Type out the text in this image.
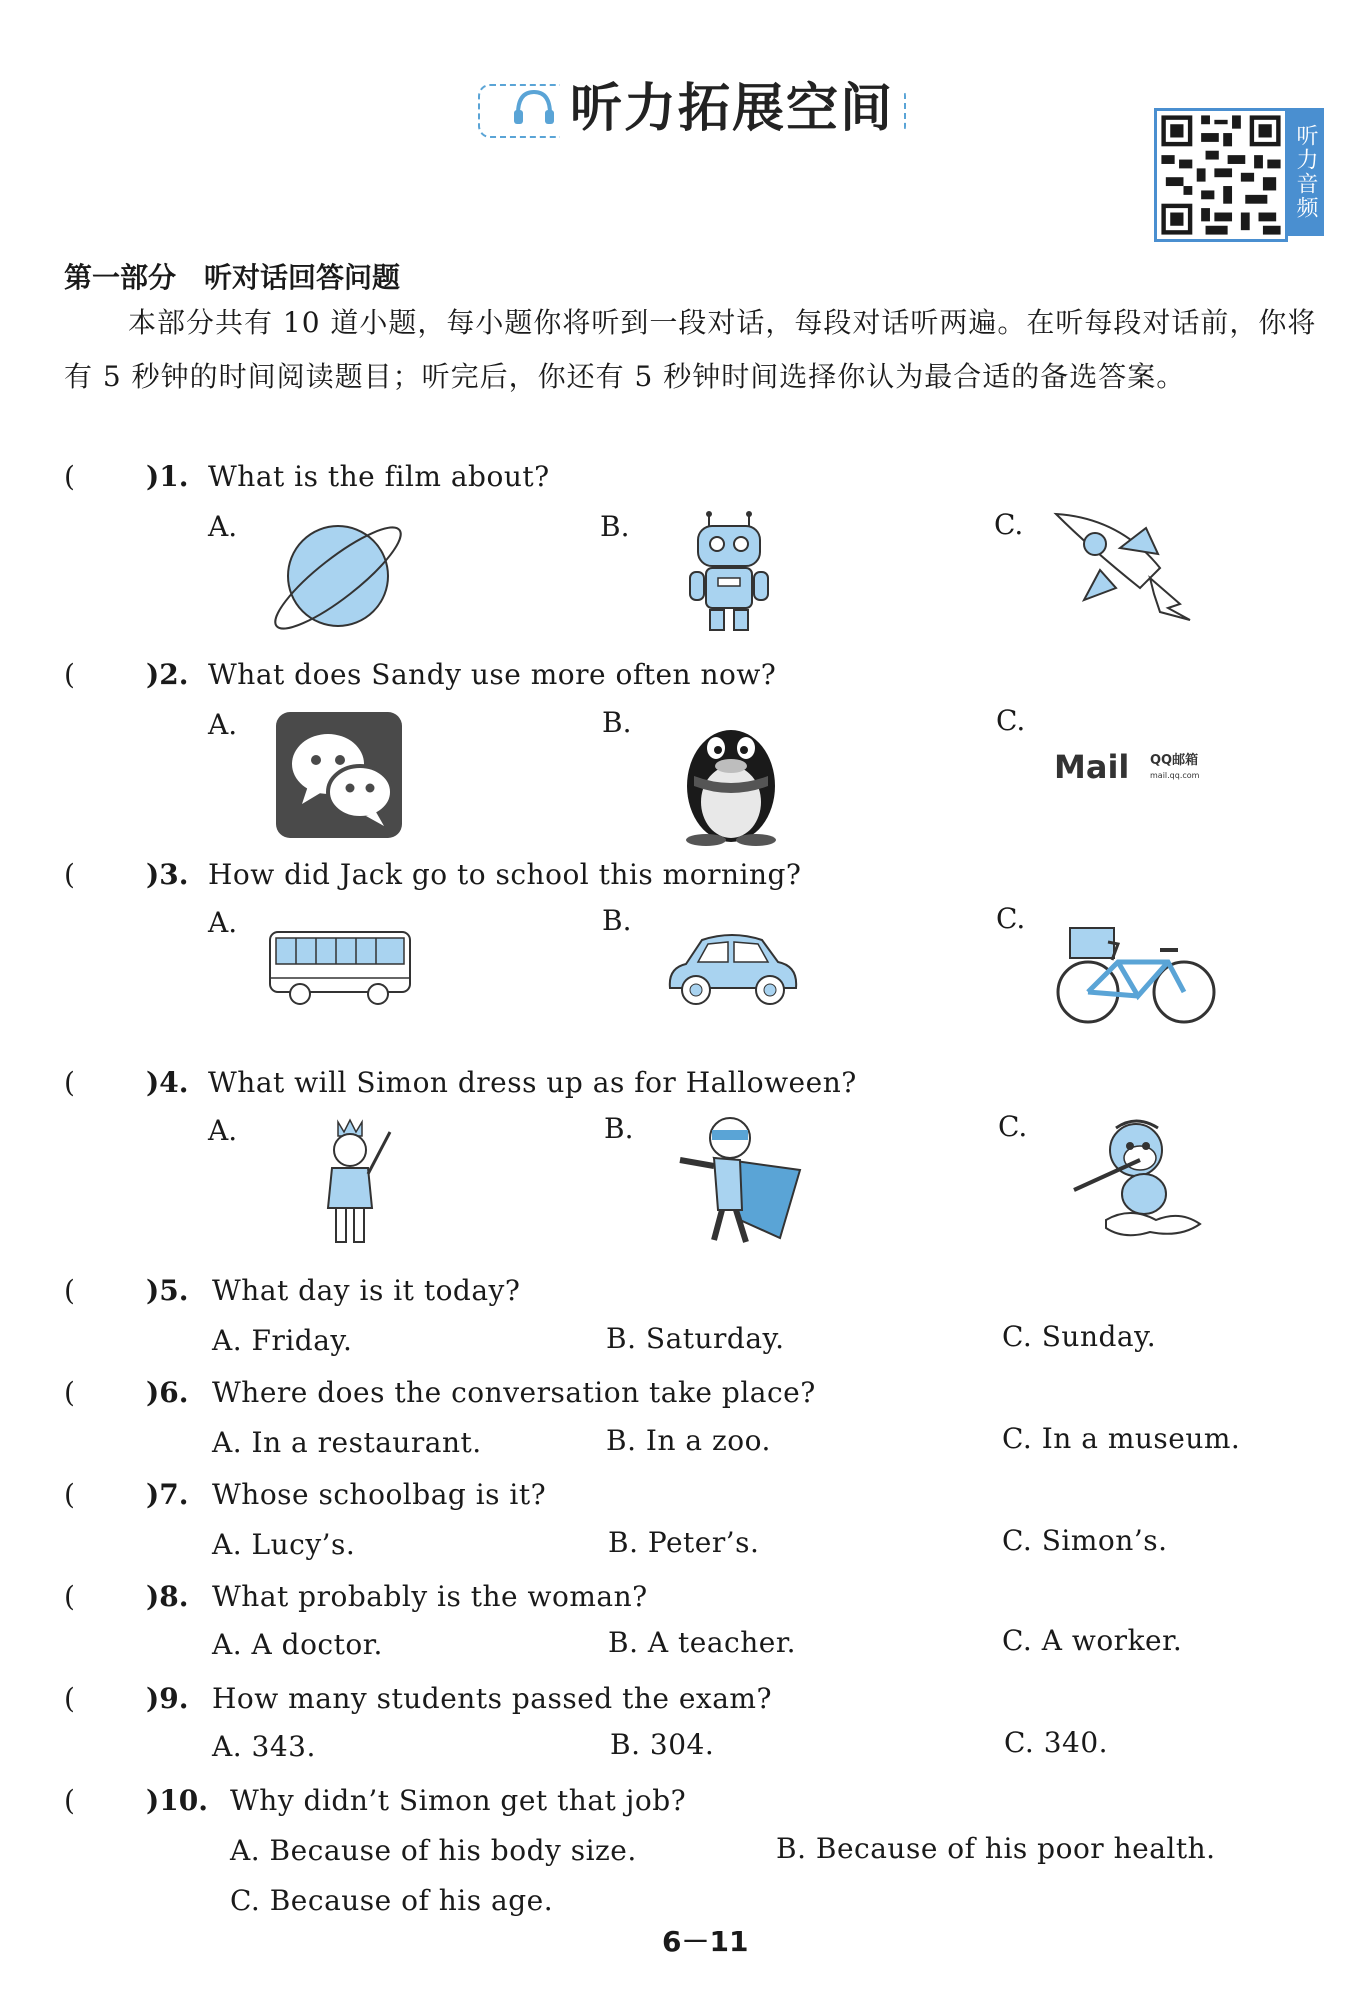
听力拓展空间
听力音频
第一部分　听对话回答问题
本部分共有 10 道小题，每小题你将听到一段对话，每段对话听两遍。在听每段对话前，你将有 5 秒钟的时间阅读题目；听完后，你还有 5 秒钟时间选择你认为最合适的备选答案。
(	)1. What is the film about?
A.	B.	C.
(	)2. What does Sandy use more often now?
A.	B.	C.
Mail QQ邮箱
mail.qq.com
(	)3. How did Jack go to school this morning?
A.	B.	C.
(	)4. What will Simon dress up as for Halloween?
A.	B.	C.
(	)5. What day is it today?
A. Friday.	B. Saturday.	C. Sunday.
(	)6. Where does the conversation take place?
A. In a restaurant.	B. In a zoo.	C. In a museum.
(	)7. Whose schoolbag is it?
A. Lucy’s.	B. Peter’s.	C. Simon’s.
(	)8. What probably is the woman?
A. A doctor.	B. A teacher.	C. A worker.
(	)9. How many students passed the exam?
A. 343.	B. 304.	C. 340.
(	)10. Why didn’t Simon get that job?
A. Because of his body size.	B. Because of his poor health.
C. Because of his age.
6－11
